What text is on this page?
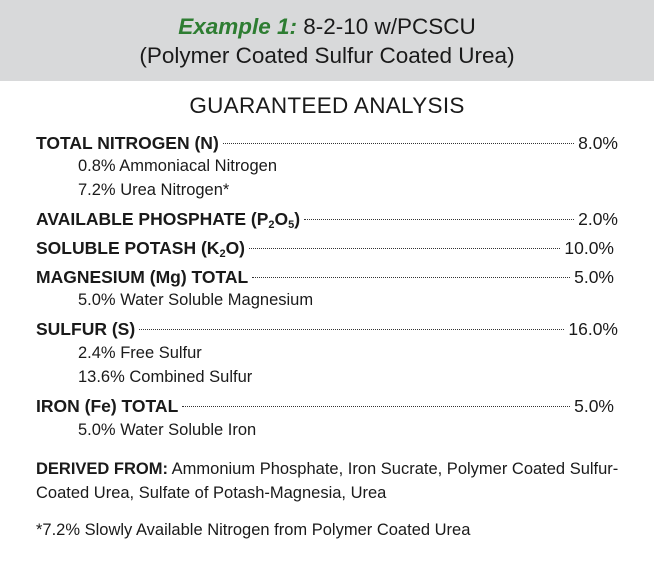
Example 1: 8-2-10 w/PCSCU
(Polymer Coated Sulfur Coated Urea)
GUARANTEED ANALYSIS
TOTAL NITROGEN (N)	8.0%
0.8% Ammoniacal Nitrogen
7.2% Urea Nitrogen*
AVAILABLE PHOSPHATE $(P_2O_5)$	2.0%
SOLUBLE POTASH $(K_2O)$	10.0%
MAGNESIUM (Mg) TOTAL	5.0%
5.0% Water Soluble Magnesium
SULFUR (S)	16.0%
2.4% Free Sulfur
13.6% Combined Sulfur
IRON (Fe) TOTAL	5.0%
5.0% Water Soluble Iron
DERIVED FROM: Ammonium Phosphate, Iron Sucrate, Polymer Coated Sulfur-Coated Urea, Sulfate of Potash-Magnesia, Urea
*7.2% Slowly Available Nitrogen from Polymer Coated Urea
